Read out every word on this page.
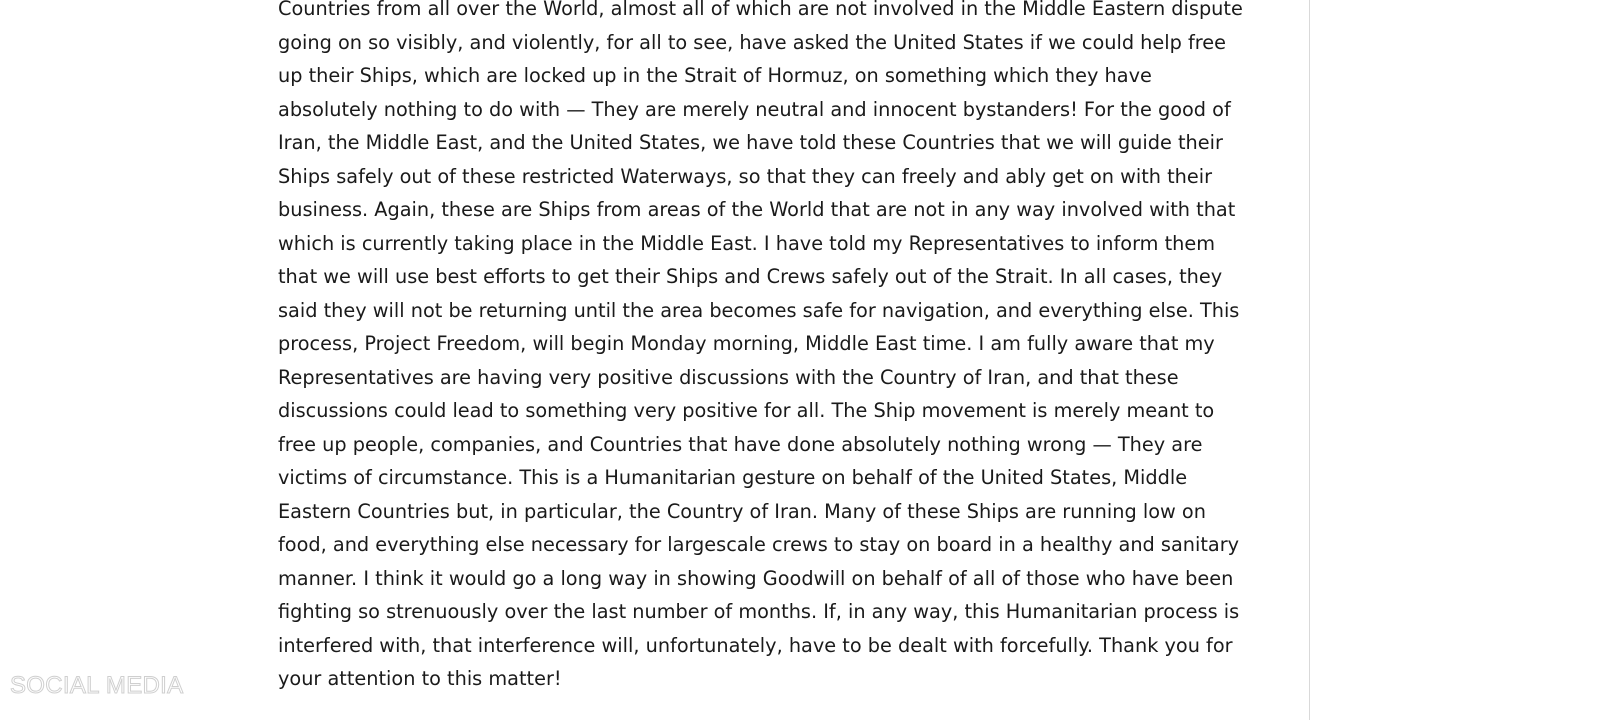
Countries from all over the World, almost all of which are not involved in the Middle Eastern dispute
going on so visibly, and violently, for all to see, have asked the United States if we could help free
up their Ships, which are locked up in the Strait of Hormuz, on something which they have
absolutely nothing to do with — They are merely neutral and innocent bystanders! For the good of
Iran, the Middle East, and the United States, we have told these Countries that we will guide their
Ships safely out of these restricted Waterways, so that they can freely and ably get on with their
business. Again, these are Ships from areas of the World that are not in any way involved with that
which is currently taking place in the Middle East. I have told my Representatives to inform them
that we will use best efforts to get their Ships and Crews safely out of the Strait. In all cases, they
said they will not be returning until the area becomes safe for navigation, and everything else. This
process, Project Freedom, will begin Monday morning, Middle East time. I am fully aware that my
Representatives are having very positive discussions with the Country of Iran, and that these
discussions could lead to something very positive for all. The Ship movement is merely meant to
free up people, companies, and Countries that have done absolutely nothing wrong — They are
victims of circumstance. This is a Humanitarian gesture on behalf of the United States, Middle
Eastern Countries but, in particular, the Country of Iran. Many of these Ships are running low on
food, and everything else necessary for largescale crews to stay on board in a healthy and sanitary
manner. I think it would go a long way in showing Goodwill on behalf of all of those who have been
fighting so strenuously over the last number of months. If, in any way, this Humanitarian process is
interfered with, that interference will, unfortunately, have to be dealt with forcefully. Thank you for
your attention to this matter!
SOCIAL MEDIA
